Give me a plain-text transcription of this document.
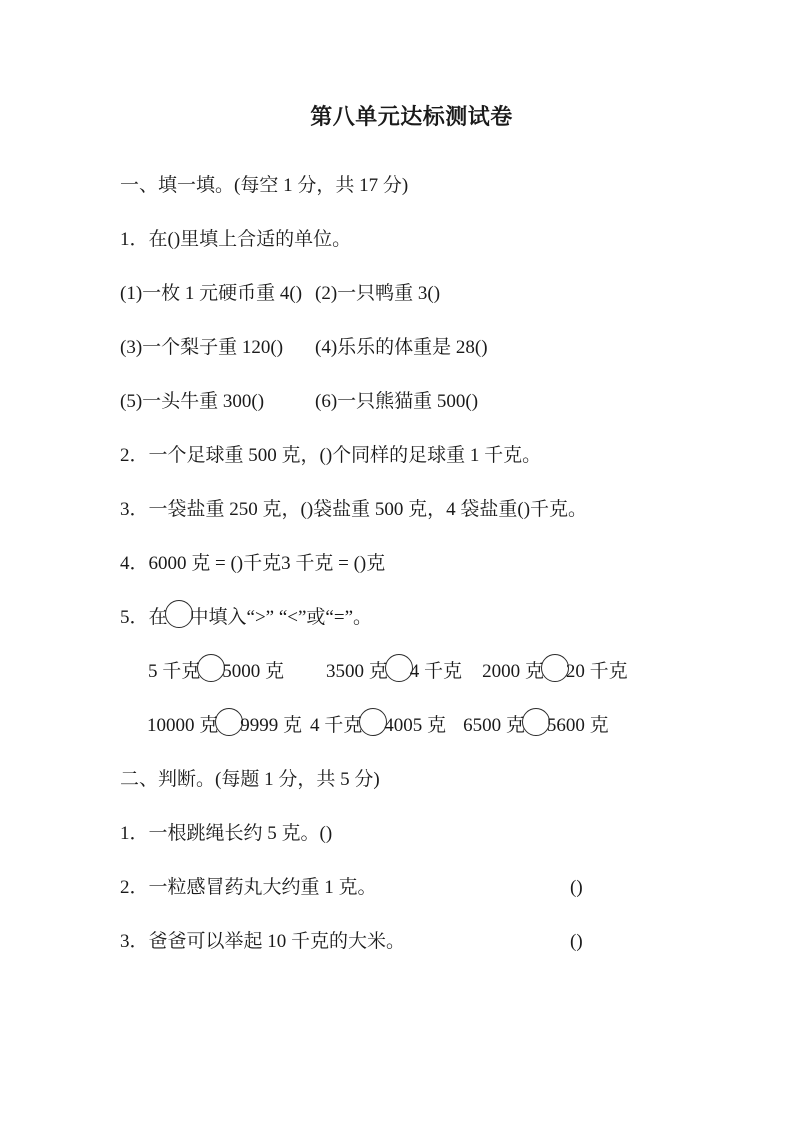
第八单元达标测试卷
一、填一填。(每空 1 分，共 17 分)
1．在()里填上合适的单位。
(1)一枚 1 元硬币重 4() (2)一只鸭重 3()
(3)一个梨子重 120() (4)乐乐的体重是 28()
(5)一头牛重 300()	(6)一只熊猫重 500()
2．一个足球重 500 克，()个同样的足球重 1 千克。
3．一袋盐重 250 克，()袋盐重 500 克，4 袋盐重()千克。
4．6000 克 = ()千克3 千克 = ()克
5．在 中填入“>” “<”或“=”。
5 千克 5000 克 3500 克 4 千克 2000 克 20 千克
10000 克 9999 克 4 千克 4005 克 6500 克 5600 克
二、判断。(每题 1 分，共 5 分)
1．一根跳绳长约 5 克。()
2．一粒感冒药丸大约重 1 克。	()
3．爸爸可以举起 10 千克的大米。	()
